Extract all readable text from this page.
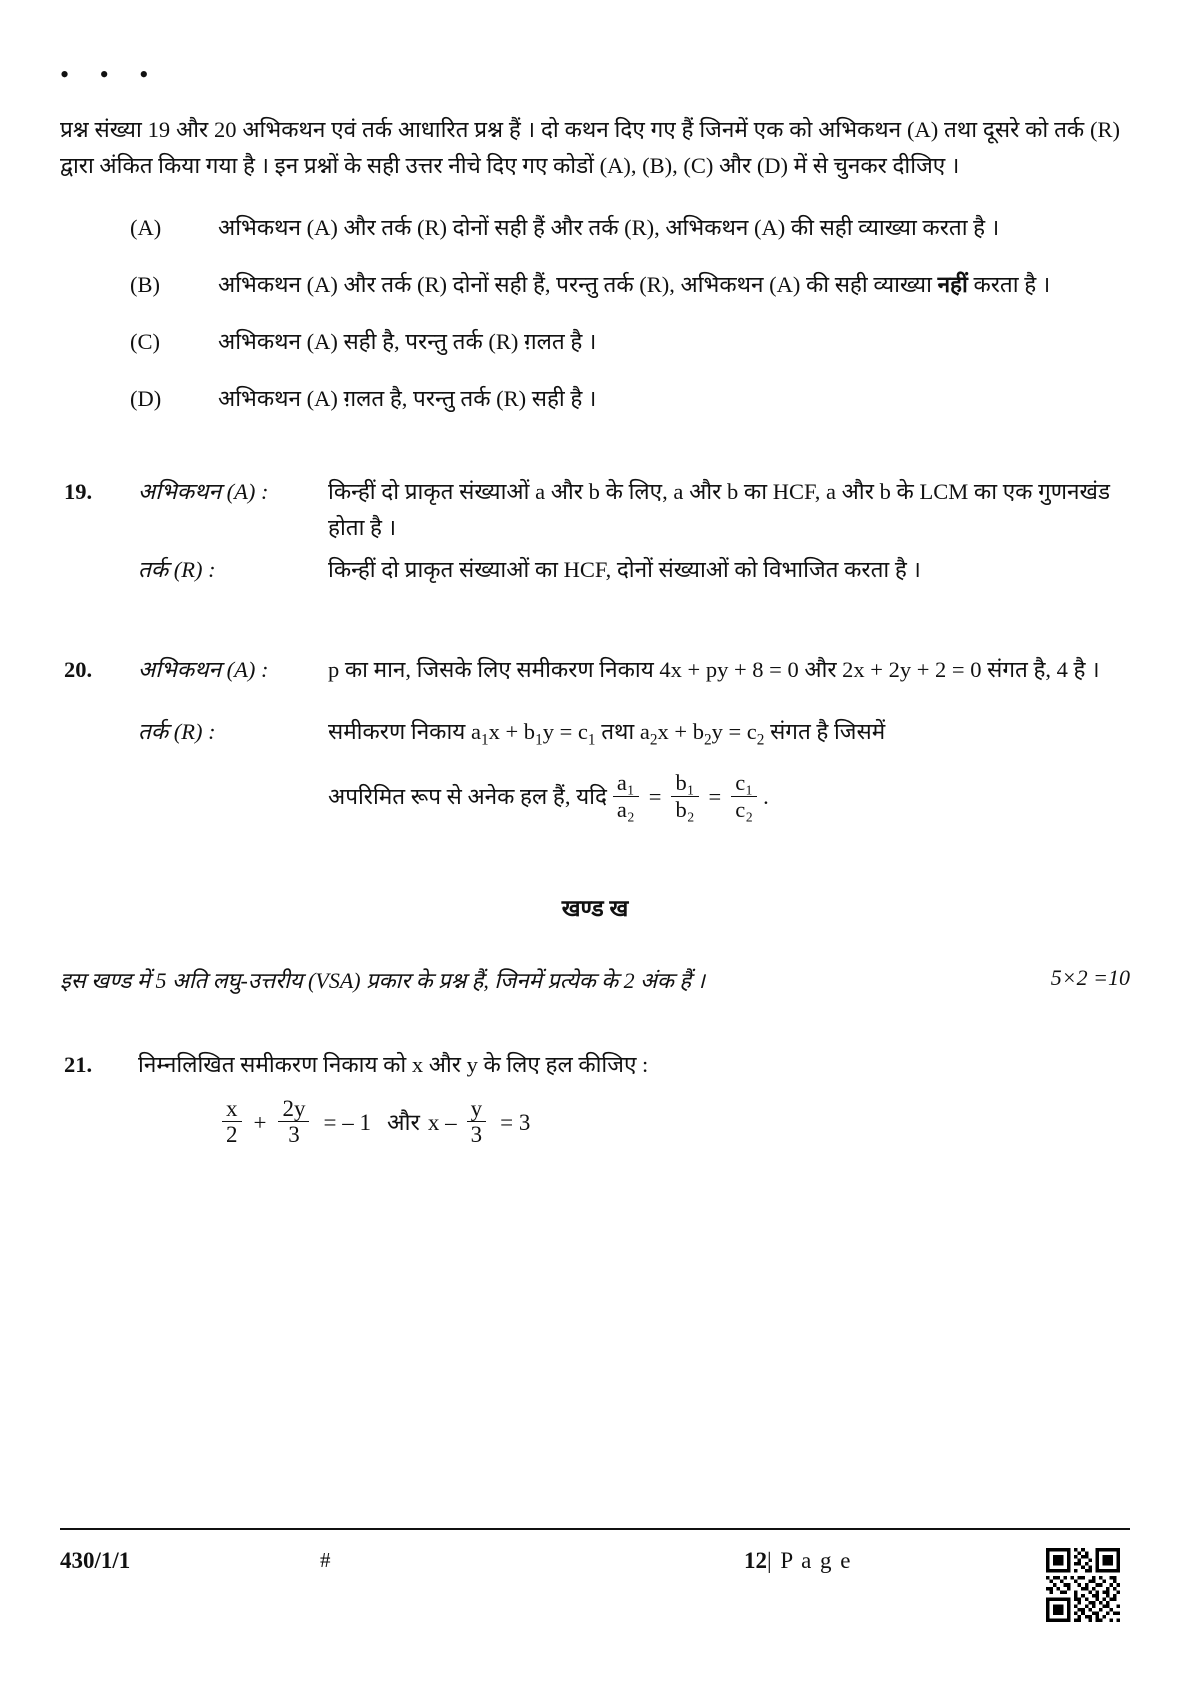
• • •
प्रश्न संख्या 19 और 20 अभिकथन एवं तर्क आधारित प्रश्न हैं । दो कथन दिए गए हैं जिनमें एक को अभिकथन (A) तथा दूसरे को तर्क (R) द्वारा अंकित किया गया है । इन प्रश्नों के सही उत्तर नीचे दिए गए कोडों (A), (B), (C) और (D) में से चुनकर दीजिए ।
(A)	अभिकथन (A) और तर्क (R) दोनों सही हैं और तर्क (R), अभिकथन (A) की सही व्याख्या करता है ।
(B)	अभिकथन (A) और तर्क (R) दोनों सही हैं, परन्तु तर्क (R), अभिकथन (A) की सही व्याख्या नहीं करता है ।
(C)	अभिकथन (A) सही है, परन्तु तर्क (R) ग़लत है ।
(D)	अभिकथन (A) ग़लत है, परन्तु तर्क (R) सही है ।
19.	अभिकथन (A) :	किन्हीं दो प्राकृत संख्याओं a और b के लिए, a और b का HCF, a और b के LCM का एक गुणनखंड होता है ।
तर्क (R) :	किन्हीं दो प्राकृत संख्याओं का HCF, दोनों संख्याओं को विभाजित करता है ।
20.	अभिकथन (A) :	p का मान, जिसके लिए समीकरण निकाय 4x + py + 8 = 0 और 2x + 2y + 2 = 0 संगत है, 4 है ।
तर्क (R) :	समीकरण निकाय $a_1x + b_1y = c_1$ तथा $a_2x + b_2y = c_2$ संगत है जिसमें
अपरिमित रूप से अनेक हल हैं, यदि $\frac{\text{a₁}}{\text{a₂}} = \frac{\text{b₁}}{\text{b₂}} = \frac{\text{c₁}}{\text{c₂}}$ .
खण्ड ख
इस खण्ड में 5 अति लघु-उत्तरीय (VSA) प्रकार के प्रश्न हैं, जिनमें प्रत्येक के 2 अंक हैं ।	5×2 =10
21.	निम्नलिखित समीकरण निकाय को x और y के लिए हल कीजिए :
$\frac{x}{2} + \frac{2y}{3}$ = – 1 और $x - \frac{y}{3} = 3$
430/1/1	#	12| P a g e
